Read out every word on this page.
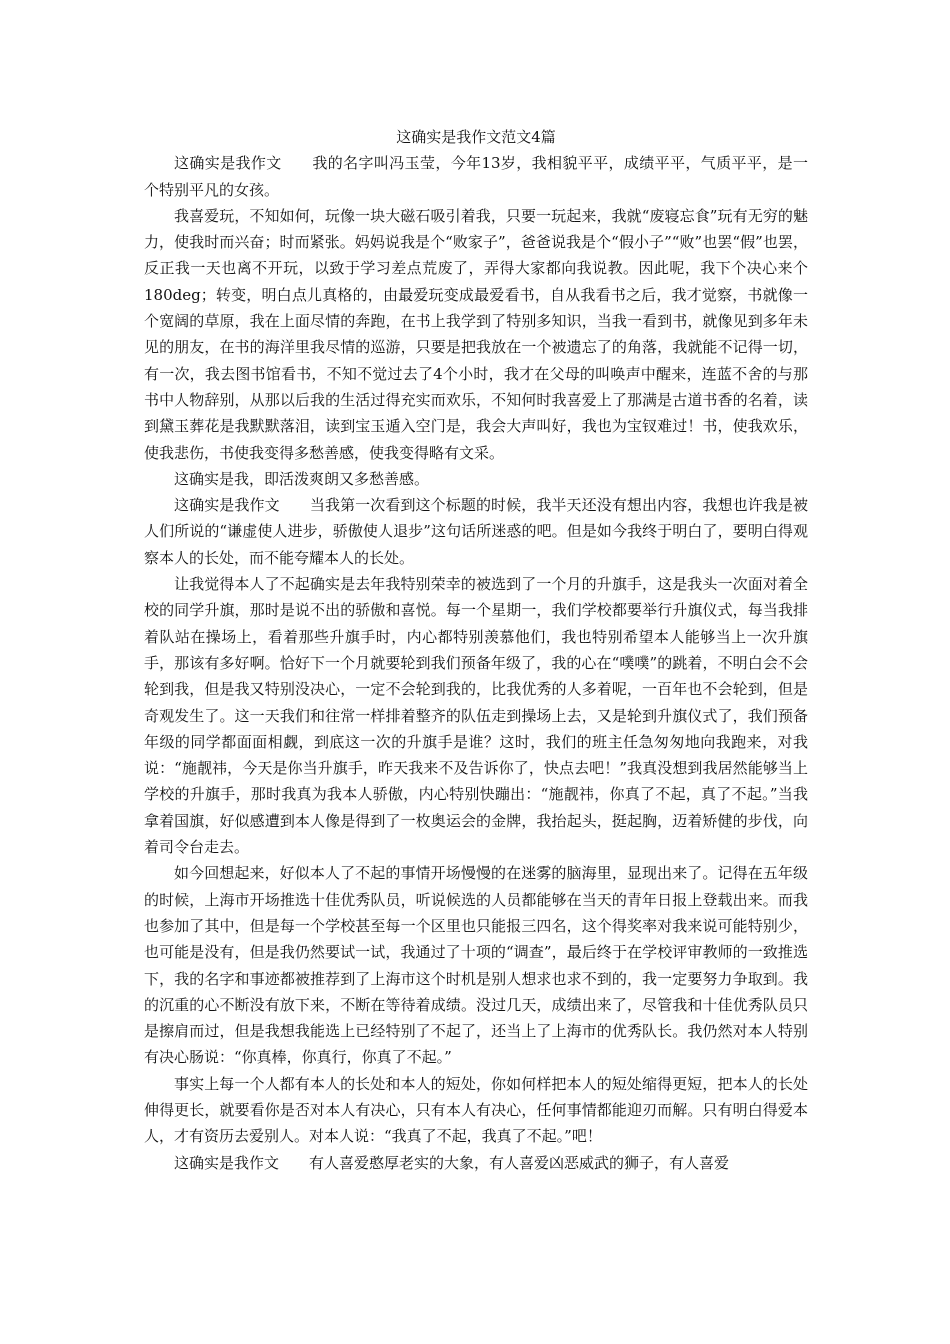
这确实是我作文范文4篇

这确实是我作文　　我的名字叫冯玉莹，今年13岁，我相貌平平，成绩平平，气质平平，是一个特别平凡的女孩。

我喜爱玩，不知如何，玩像一块大磁石吸引着我，只要一玩起来，我就“废寝忘食”玩有无穷的魅力，使我时而兴奋；时而紧张。妈妈说我是个“败家子”，爸爸说我是个“假小子”“败”也罢“假”也罢，反正我一天也离不开玩，以致于学习差点荒废了，弄得大家都向我说教。因此呢，我下个决心来个180deg；转变，明白点儿真格的，由最爱玩变成最爱看书，自从我看书之后，我才觉察，书就像一个宽阔的草原，我在上面尽情的奔跑，在书上我学到了特别多知识，当我一看到书，就像见到多年未见的朋友，在书的海洋里我尽情的巡游，只要是把我放在一个被遗忘了的角落，我就能不记得一切，有一次，我去图书馆看书，不知不觉过去了4个小时，我才在父母的叫唤声中醒来，连蓝不舍的与那书中人物辞别，从那以后我的生活过得充实而欢乐，不知何时我喜爱上了那满是古道书香的名着，读到黛玉葬花是我默默落泪，读到宝玉遁入空门是，我会大声叫好，我也为宝钗难过！书，使我欢乐，使我悲伤，书使我变得多愁善感，使我变得略有文采。

这确实是我，即活泼爽朗又多愁善感。

这确实是我作文　　当我第一次看到这个标题的时候，我半天还没有想出内容，我想也许我是被人们所说的“谦虚使人进步，骄傲使人退步”这句话所迷惑的吧。但是如今我终于明白了，要明白得观察本人的长处，而不能夸耀本人的长处。

让我觉得本人了不起确实是去年我特别荣幸的被选到了一个月的升旗手，这是我头一次面对着全校的同学升旗，那时是说不出的骄傲和喜悦。每一个星期一，我们学校都要举行升旗仪式，每当我排着队站在操场上，看着那些升旗手时，内心都特别羡慕他们，我也特别希望本人能够当上一次升旗手，那该有多好啊。恰好下一个月就要轮到我们预备年级了，我的心在“噗噗”的跳着，不明白会不会轮到我，但是我又特别没决心，一定不会轮到我的，比我优秀的人多着呢，一百年也不会轮到，但是奇观发生了。这一天我们和往常一样排着整齐的队伍走到操场上去，又是轮到升旗仪式了，我们预备年级的同学都面面相觑，到底这一次的升旗手是谁？这时，我们的班主任急匆匆地向我跑来，对我说：“施靓祎，今天是你当升旗手，昨天我来不及告诉你了，快点去吧！”我真没想到我居然能够当上学校的升旗手，那时我真为我本人骄傲，内心特别快蹦出：“施靓祎，你真了不起，真了不起。”当我拿着国旗，好似感遭到本人像是得到了一枚奥运会的金牌，我抬起头，挺起胸，迈着矫健的步伐，向着司令台走去。

如今回想起来，好似本人了不起的事情开场慢慢的在迷雾的脑海里，显现出来了。记得在五年级的时候，上海市开场推选十佳优秀队员，听说候选的人员都能够在当天的青年日报上登载出来。而我也参加了其中，但是每一个学校甚至每一个区里也只能报三四名，这个得奖率对我来说可能特别少，也可能是没有，但是我仍然要试一试，我通过了十项的“调查”，最后终于在学校评审教师的一致推选下，我的名字和事迹都被推荐到了上海市这个时机是别人想求也求不到的，我一定要努力争取到。我的沉重的心不断没有放下来，不断在等待着成绩。没过几天，成绩出来了，尽管我和十佳优秀队员只是擦肩而过，但是我想我能选上已经特别了不起了，还当上了上海市的优秀队长。我仍然对本人特别有决心肠说：“你真棒，你真行，你真了不起。”

事实上每一个人都有本人的长处和本人的短处，你如何样把本人的短处缩得更短，把本人的长处伸得更长，就要看你是否对本人有决心，只有本人有决心，任何事情都能迎刃而解。只有明白得爱本人，才有资历去爱别人。对本人说：“我真了不起，我真了不起。”吧！

这确实是我作文　　有人喜爱憨厚老实的大象，有人喜爱凶恶威武的狮子，有人喜爱
